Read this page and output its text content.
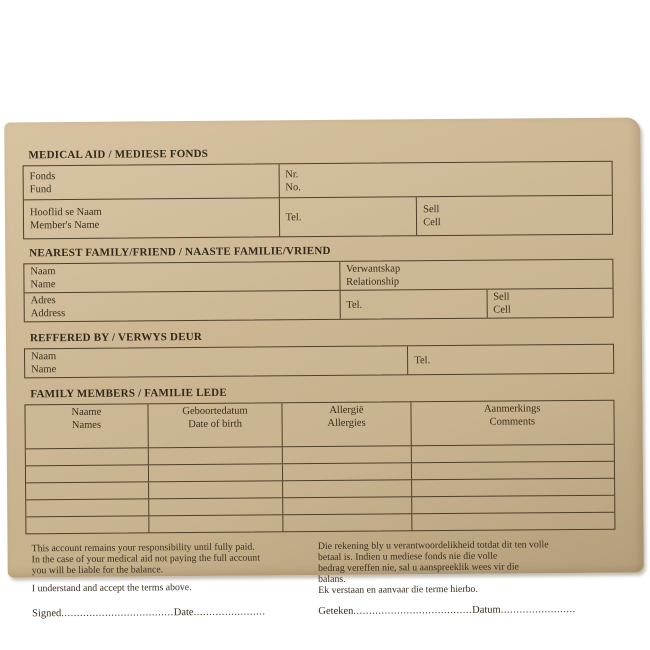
MEDICAL AID / MEDIESE FONDS
Fonds
Fund
Nr.
No.
Hooflid se Naam
Member's Name
Tel.
Sell
Cell
NEAREST FAMILY/FRIEND / NAASTE FAMILIE/VRIEND
Naam
Name
Verwantskap
Relationship
Adres
Address
Tel.
Sell
Cell
REFFERED BY / VERWYS DEUR
Naam
Name
Tel.
FAMILY MEMBERS / FAMILIE LEDE
Naame
Names
Geboortedatum
Date of birth
Allergië
Allergies
Aanmerkings
Comments

This account remains your responsibility until fully paid.

In the case of your medical aid not paying the full account

you will be liable for the balance.

I understand and accept the terms above.

Die rekening bly u verantwoordelikheid totdat dit ten volle

betaal is. Indien u mediese fonds nie die volle

bedrag vereffen nie, sal u aanspreeklik wees vir die

balans.

Ek verstaan en aanvaar die terme hierbo.

Signed....................................Date.......................	Geteken......................................Datum........................
